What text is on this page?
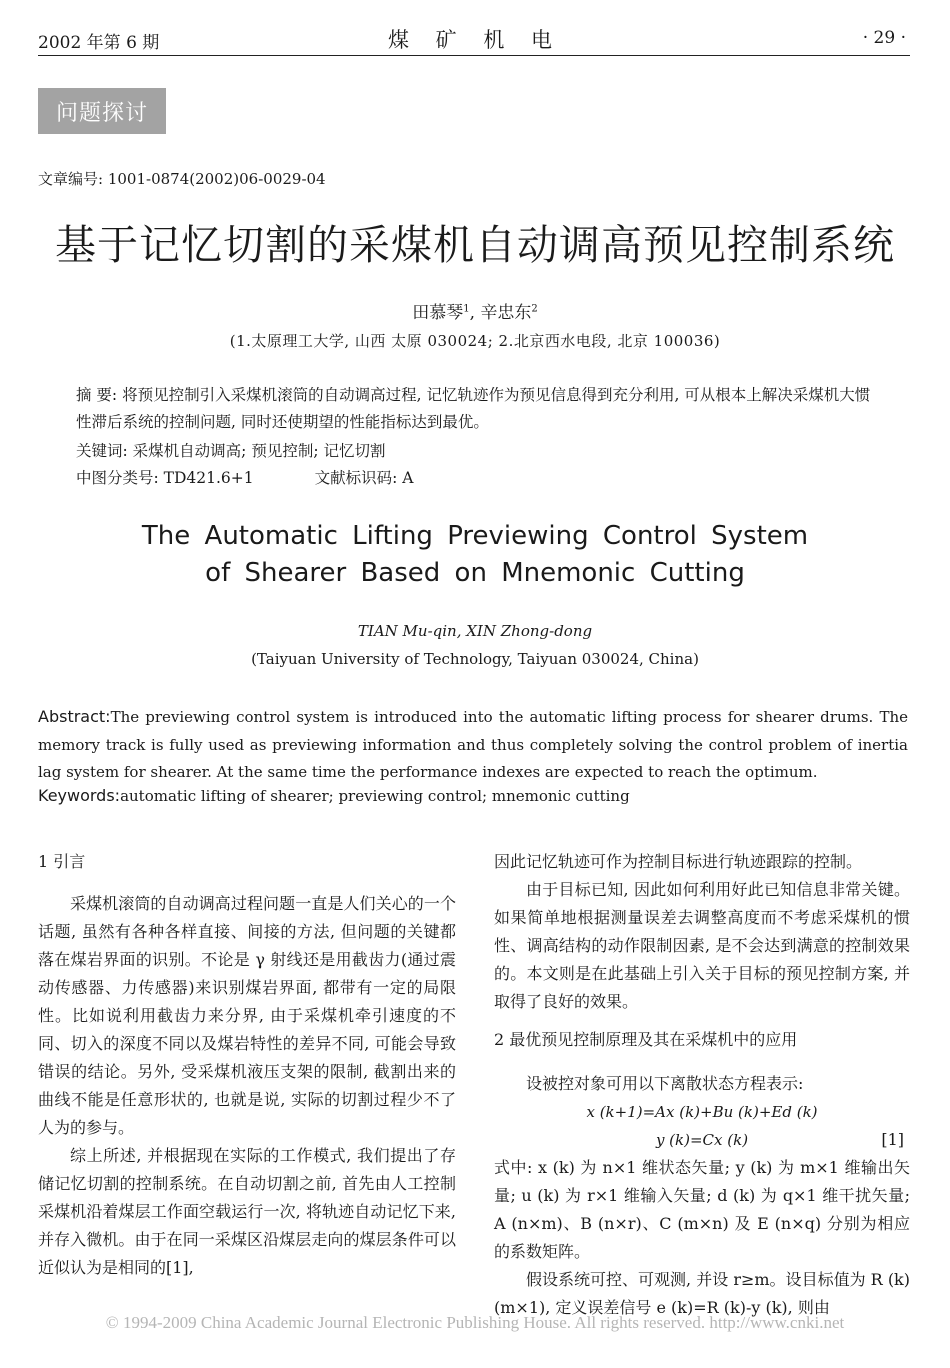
2002 年第 6 期	煤 矿 机 电	· 29 ·
问题探讨
文章编号: 1001-0874(2002)06-0029-04
基于记忆切割的采煤机自动调高预见控制系统
田慕琴$^1$, 辛忠东$^2$
(1.太原理工大学, 山西 太原 030024; 2.北京西水电段, 北京 100036)
摘 要: 将预见控制引入采煤机滚筒的自动调高过程, 记忆轨迹作为预见信息得到充分利用, 可从根本上解决采煤机大惯性滞后系统的控制问题, 同时还使期望的性能指标达到最优。
关键词: 采煤机自动调高; 预见控制; 记忆切割
中图分类号: TD421.6+1	文献标识码: A
The Automatic Lifting Previewing Control System
of Shearer Based on Mnemonic Cutting
TIAN Mu-qin, XIN Zhong-dong
(Taiyuan University of Technology, Taiyuan 030024, China)
Abstract:The previewing control system is introduced into the automatic lifting process for shearer drums. The memory track is fully used as previewing information and thus completely solving the control problem of inertia lag system for shearer. At the same time the performance indexes are expected to reach the optimum.
Keywords:automatic lifting of shearer; previewing control; mnemonic cutting
1 引言

采煤机滚筒的自动调高过程问题一直是人们关心的一个话题, 虽然有各种各样直接、间接的方法, 但问题的关键都落在煤岩界面的识别。不论是 γ 射线还是用截齿力(通过震动传感器、力传感器)来识别煤岩界面, 都带有一定的局限性。比如说利用截齿力来分界, 由于采煤机牵引速度的不同、切入的深度不同以及煤岩特性的差异不同, 可能会导致错误的结论。另外, 受采煤机液压支架的限制, 截割出来的曲线不能是任意形状的, 也就是说, 实际的切割过程少不了人为的参与。

综上所述, 并根据现在实际的工作模式, 我们提出了存储记忆切割的控制系统。在自动切割之前, 首先由人工控制采煤机沿着煤层工作面空载运行一次, 将轨迹自动记忆下来, 并存入微机。由于在同一采煤区沿煤层走向的煤层条件可以近似认为是相同的[1],

因此记忆轨迹可作为控制目标进行轨迹跟踪的控制。

由于目标已知, 因此如何利用好此已知信息非常关键。如果简单地根据测量误差去调整高度而不考虑采煤机的惯性、调高结构的动作限制因素, 是不会达到满意的控制效果的。本文则是在此基础上引入关于目标的预见控制方案, 并取得了良好的效果。

2 最优预见控制原理及其在采煤机中的应用

设被控对象可用以下离散状态方程表示:

x (k+1)=Ax (k)+Bu (k)+Ed (k)
y (k)=Cx (k)	[1]

式中: x (k) 为 n×1 维状态矢量; y (k) 为 m×1 维输出矢量; u (k) 为 r×1 维输入矢量; d (k) 为 q×1 维干扰矢量; A (n×m)、B (n×r)、C (m×n) 及 E (n×q) 分别为相应的系数矩阵。

假设系统可控、可观测, 并设 r≥m。设目标值为 R (k) (m×1), 定义误差信号 e (k)=R (k)-y (k), 则由

© 1994-2009 China Academic Journal Electronic Publishing House. All rights reserved. http://www.cnki.net
